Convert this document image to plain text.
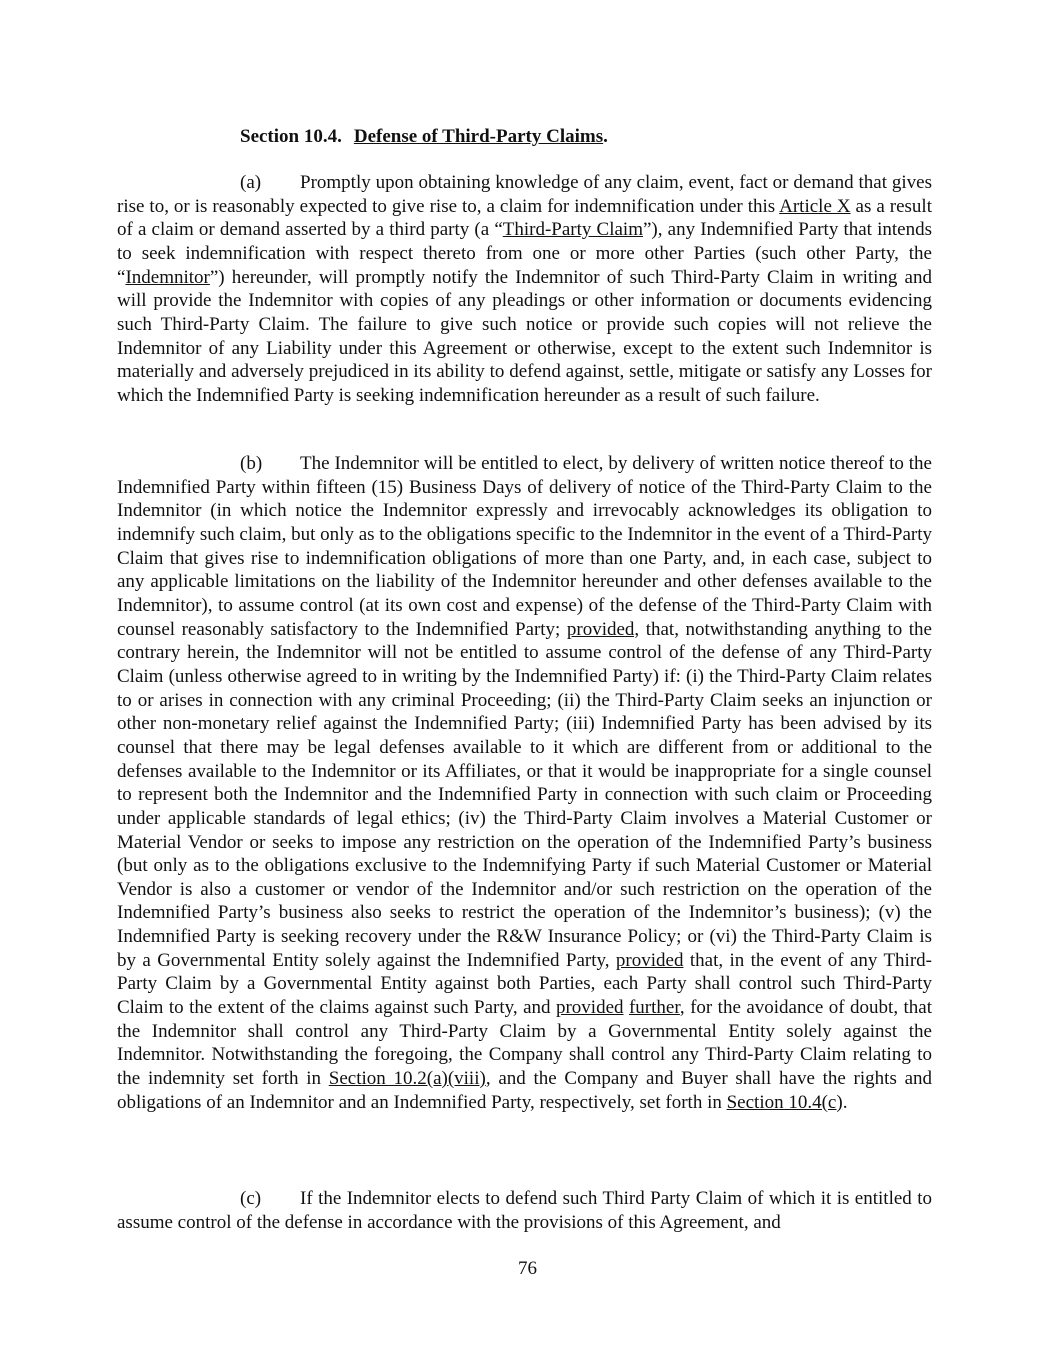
Section 10.4. Defense of Third-Party Claims.
(a) Promptly upon obtaining knowledge of any claim, event, fact or demand that gives rise to, or is reasonably expected to give rise to, a claim for indemnification under this Article X as a result of a claim or demand asserted by a third party (a “Third-Party Claim”), any Indemnified Party that intends to seek indemnification with respect thereto from one or more other Parties (such other Party, the “Indemnitor”) hereunder, will promptly notify the Indemnitor of such Third-Party Claim in writing and will provide the Indemnitor with copies of any pleadings or other information or documents evidencing such Third-Party Claim. The failure to give such notice or provide such copies will not relieve the Indemnitor of any Liability under this Agreement or otherwise, except to the extent such Indemnitor is materially and adversely prejudiced in its ability to defend against, settle, mitigate or satisfy any Losses for which the Indemnified Party is seeking indemnification hereunder as a result of such failure.
(b) The Indemnitor will be entitled to elect, by delivery of written notice thereof to the Indemnified Party within fifteen (15) Business Days of delivery of notice of the Third-Party Claim to the Indemnitor (in which notice the Indemnitor expressly and irrevocably acknowledges its obligation to indemnify such claim, but only as to the obligations specific to the Indemnitor in the event of a Third-Party Claim that gives rise to indemnification obligations of more than one Party, and, in each case, subject to any applicable limitations on the liability of the Indemnitor hereunder and other defenses available to the Indemnitor), to assume control (at its own cost and expense) of the defense of the Third-Party Claim with counsel reasonably satisfactory to the Indemnified Party; provided, that, notwithstanding anything to the contrary herein, the Indemnitor will not be entitled to assume control of the defense of any Third-Party Claim (unless otherwise agreed to in writing by the Indemnified Party) if: (i) the Third-Party Claim relates to or arises in connection with any criminal Proceeding; (ii) the Third-Party Claim seeks an injunction or other non-monetary relief against the Indemnified Party; (iii) Indemnified Party has been advised by its counsel that there may be legal defenses available to it which are different from or additional to the defenses available to the Indemnitor or its Affiliates, or that it would be inappropriate for a single counsel to represent both the Indemnitor and the Indemnified Party in connection with such claim or Proceeding under applicable standards of legal ethics; (iv) the Third-Party Claim involves a Material Customer or Material Vendor or seeks to impose any restriction on the operation of the Indemnified Party’s business (but only as to the obligations exclusive to the Indemnifying Party if such Material Customer or Material Vendor is also a customer or vendor of the Indemnitor and/or such restriction on the operation of the Indemnified Party’s business also seeks to restrict the operation of the Indemnitor’s business); (v) the Indemnified Party is seeking recovery under the R&W Insurance Policy; or (vi) the Third-Party Claim is by a Governmental Entity solely against the Indemnified Party, provided that, in the event of any Third-Party Claim by a Governmental Entity against both Parties, each Party shall control such Third-Party Claim to the extent of the claims against such Party, and provided further, for the avoidance of doubt, that the Indemnitor shall control any Third-Party Claim by a Governmental Entity solely against the Indemnitor. Notwithstanding the foregoing, the Company shall control any Third-Party Claim relating to the indemnity set forth in Section 10.2(a)(viii), and the Company and Buyer shall have the rights and obligations of an Indemnitor and an Indemnified Party, respectively, set forth in Section 10.4(c).
(c) If the Indemnitor elects to defend such Third Party Claim of which it is entitled to assume control of the defense in accordance with the provisions of this Agreement, and
76
